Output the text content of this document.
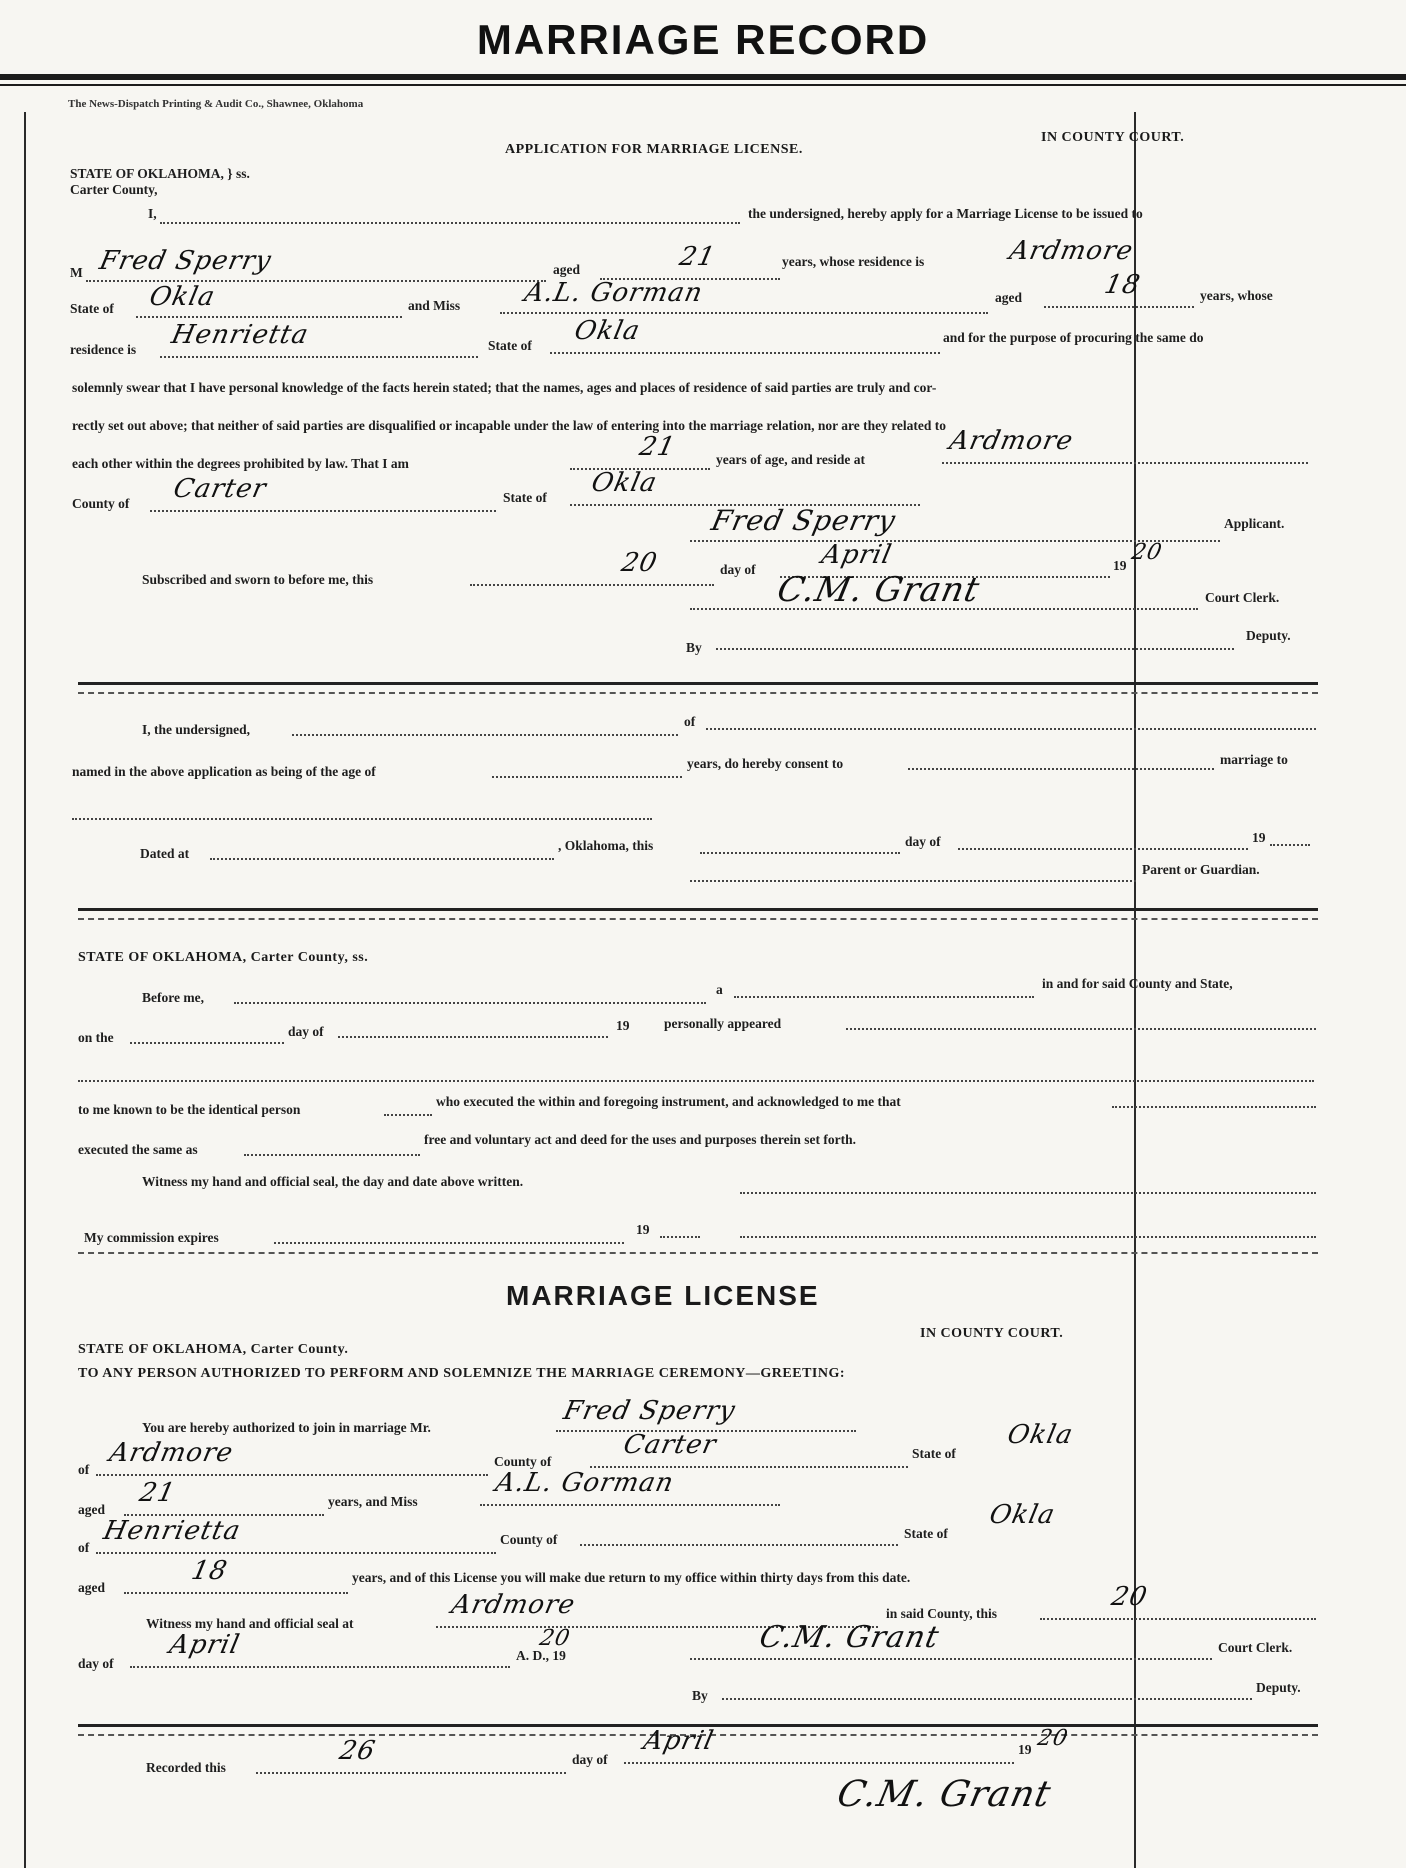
MARRIAGE RECORD
The News-Dispatch Printing & Audit Co., Shawnee, Oklahoma
APPLICATION FOR MARRIAGE LICENSE.
IN COUNTY COURT.
STATE OF OKLAHOMA, } ss.
Carter County,
I,	the undersigned, hereby apply for a Marriage License to be issued to
M Fred Sperry	aged	21	years, whose residence is	Ardmore
State of Okla	and Miss A.L. Gorman	aged	18	years, whose
residence is Henrietta	State of Okla	and for the purpose of procuring the same do
solemnly swear that I have personal knowledge of the facts herein stated; that the names, ages and places of residence of said parties are truly and cor-
rectly set out above; that neither of said parties are disqualified or incapable under the law of entering into the marriage relation, nor are they related to
each other within the degrees prohibited by law. That I am
21	years of age, and reside at
Ardmore
County of Carter	State of Okla
Fred Sperry	Applicant.
Subscribed and sworn to before me, this
20	day of April	19
20
C.M. Grant	Court Clerk.
By
Deputy.
I, the undersigned,
of
named in the above application as being of the age of
years, do hereby consent to	marriage to
Dated at
, Oklahoma, this	day of	19
Parent or Guardian.
STATE OF OKLAHOMA, Carter County, ss.
Before me,
a	in and for said County and State,
on the	day of	19	personally appeared
to me known to be the identical person
who executed the within and foregoing instrument, and acknowledged to me that
executed the same as
free and voluntary act and deed for the uses and purposes therein set forth.
Witness my hand and official seal, the day and date above written.
My commission expires
19
MARRIAGE LICENSE
IN COUNTY COURT.
STATE OF OKLAHOMA, Carter County.
TO ANY PERSON AUTHORIZED TO PERFORM AND SOLEMNIZE THE MARRIAGE CEREMONY—GREETING:
You are hereby authorized to join in marriage Mr.
Fred Sperry
of
Ardmore	County of
Carter	State of
Okla
aged
21	years, and Miss
A.L. Gorman
of
Henrietta	County of	State of
Okla
aged
18	years, and of this License you will make due return to my office within thirty days from this date.
Witness my hand and official seal at
Ardmore	in said County, this
20
day of
April	A. D., 19
20	C.M. Grant	Court Clerk.
By
Deputy.
Recorded this
26	day of
April	19 20
C.M. Grant
